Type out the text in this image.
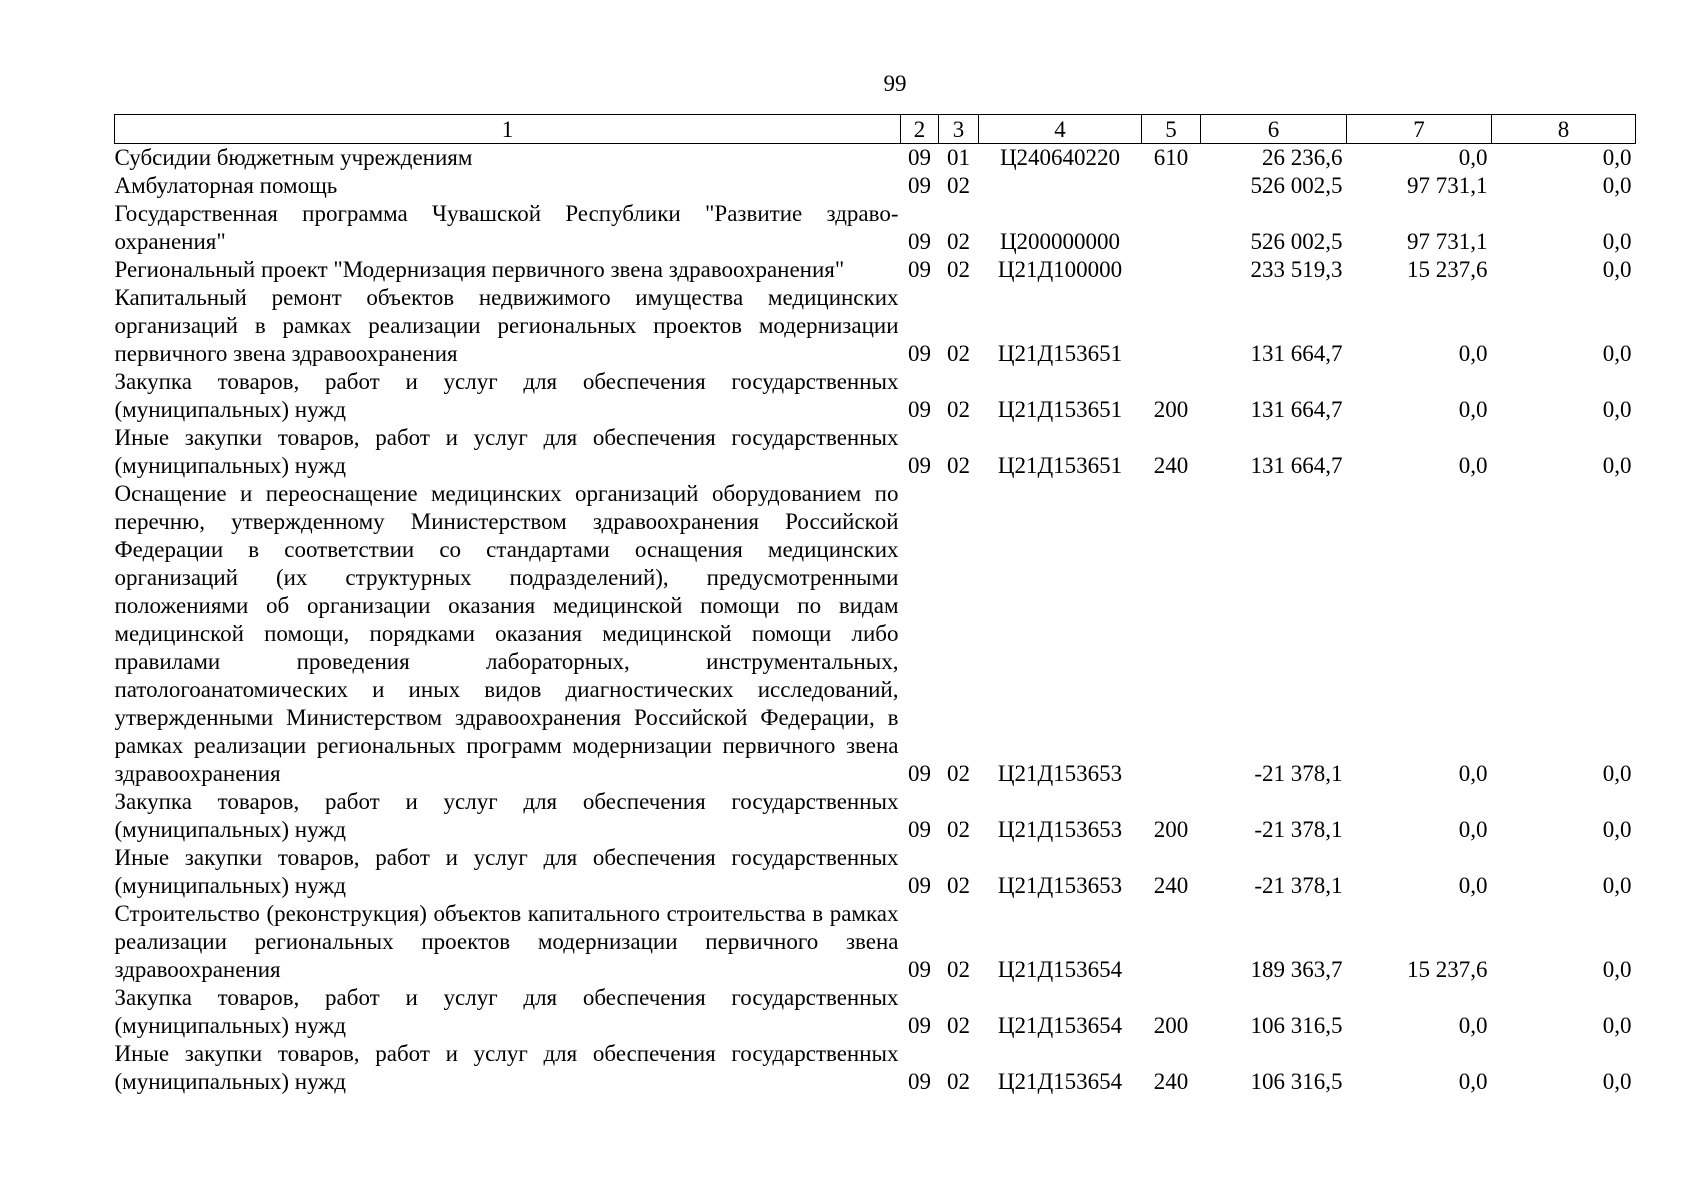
99
1	2	3	4	5	6	7	8
Субсидии бюджетным учреждениям	09	01	Ц240640220	610	26 236,6	0,0	0,0
Амбулаторная помощь	09	02			526 002,5	97 731,1	0,0
Государственная программа Чувашской Республики "Развитие здраво-охранения"	09	02	Ц200000000		526 002,5	97 731,1	0,0
Региональный проект "Модернизация первичного звена здравоохранения"	09	02	Ц21Д100000		233 519,3	15 237,6	0,0
Капитальный ремонт объектов недвижимого имущества медицинских организаций в рамках реализации региональных проектов модернизации первичного звена здравоохранения	09	02	Ц21Д153651		131 664,7	0,0	0,0
Закупка товаров, работ и услуг для обеспечения государственных (муниципальных) нужд	09	02	Ц21Д153651	200	131 664,7	0,0	0,0
Иные закупки товаров, работ и услуг для обеспечения государственных (муниципальных) нужд	09	02	Ц21Д153651	240	131 664,7	0,0	0,0
Оснащение и переоснащение медицинских организаций оборудованием по перечню, утвержденному Министерством здравоохранения Российской Федерации в соответствии со стандартами оснащения медицинских организаций (их структурных подразделений), предусмотренными положениями об организации оказания медицинской помощи по видам медицинской помощи, порядками оказания медицинской помощи либо правилами проведения лабораторных, инструментальных, патологоанатомических и иных видов диагностических исследований, утвержденными Министерством здравоохранения Российской Федерации, в рамках реализации региональных программ модернизации первичного звена здравоохранения	09	02	Ц21Д153653		-21 378,1	0,0	0,0
Закупка товаров, работ и услуг для обеспечения государственных (муниципальных) нужд	09	02	Ц21Д153653	200	-21 378,1	0,0	0,0
Иные закупки товаров, работ и услуг для обеспечения государственных (муниципальных) нужд	09	02	Ц21Д153653	240	-21 378,1	0,0	0,0
Строительство (реконструкция) объектов капитального строительства в рамках реализации региональных проектов модернизации первичного звена здравоохранения	09	02	Ц21Д153654		189 363,7	15 237,6	0,0
Закупка товаров, работ и услуг для обеспечения государственных (муниципальных) нужд	09	02	Ц21Д153654	200	106 316,5	0,0	0,0
Иные закупки товаров, работ и услуг для обеспечения государственных (муниципальных) нужд	09	02	Ц21Д153654	240	106 316,5	0,0	0,0
